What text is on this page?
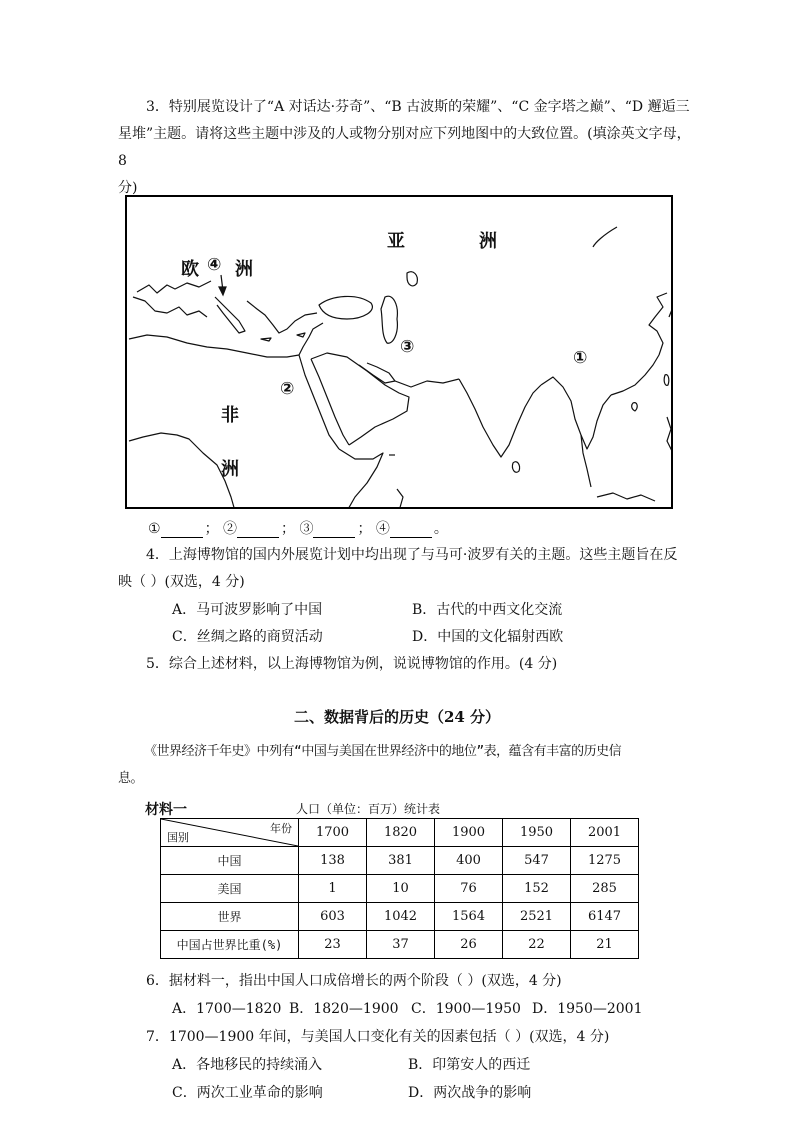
3．特别展览设计了“A 对话达·芬奇”、“B 古波斯的荣耀”、“C 金字塔之巅”、“D 邂逅三
星堆”主题。请将这些主题中涉及的人或物分别对应下列地图中的大致位置。(填涂英文字母，8
分)
亚	洲
欧 ④ 洲
①
②
③
非
洲
①	； ②	； ③	； ④	。
4．上海博物馆的国内外展览计划中均出现了与马可·波罗有关的主题。这些主题旨在反
映（ ）(双选，4 分)
A．马可波罗影响了中国	B．古代的中西文化交流
C．丝绸之路的商贸活动	D．中国的文化辐射西欧
5．综合上述材料，以上海博物馆为例，说说博物馆的作用。(4 分)
二、数据背后的历史（24 分）
《世界经济千年史》中列有“中国与美国在世界经济中的地位”表，蕴含有丰富的历史信
息。
材料一	人口（单位：百万）统计表
年份
国别	1700	1820	1900	1950	2001
中国	138	381	400	547	1275
美国	1	10	76	152	285
世界	603	1042	1564	2521	6147
中国占世界比重(%)	23	37	26	22	21
6．据材料一，指出中国人口成倍增长的两个阶段（ ）(双选，4 分)
A．1700—1820 B．1820—1900 C．1900—1950 D．1950—2001
7．1700—1900 年间，与美国人口变化有关的因素包括（ ）(双选，4 分)
A．各地移民的持续涌入	B．印第安人的西迁
C．两次工业革命的影响	D．两次战争的影响
